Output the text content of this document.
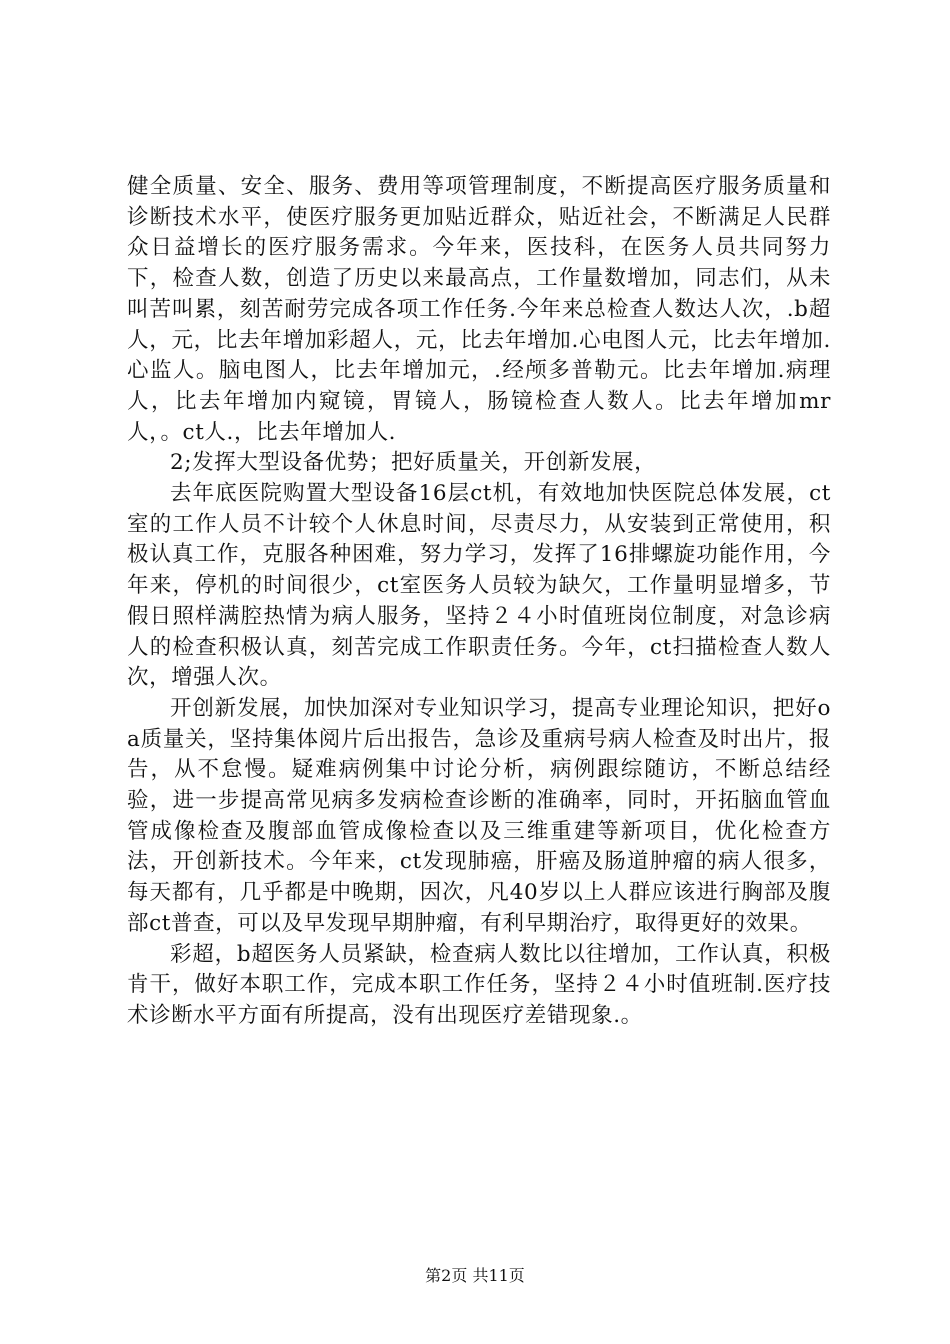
健全质量、安全、服务、费用等项管理制度，不断提高医疗服务质量和诊断技术水平，使医疗服务更加贴近群众，贴近社会，不断满足人民群众日益增长的医疗服务需求。今年来，医技科，在医务人员共同努力下，检查人数，创造了历史以来最高点，工作量数增加，同志们，从未叫苦叫累，刻苦耐劳完成各项工作任务.今年来总检查人数达人次，.b超人，元，比去年增加彩超人，元，比去年增加.心电图人元，比去年增加.心监人。脑电图人，比去年增加元，.经颅多普勒元。比去年增加.病理人，比去年增加内窥镜，胃镜人，肠镜检查人数人。比去年增加mr人，。ct人.，比去年增加人.

2;发挥大型设备优势；把好质量关，开创新发展，

去年底医院购置大型设备16层ct机，有效地加快医院总体发展，ct室的工作人员不计较个人休息时间，尽责尽力，从安装到正常使用，积极认真工作，克服各种困难，努力学习，发挥了16排螺旋功能作用，今年来，停机的时间很少，ct室医务人员较为缺欠，工作量明显增多，节假日照样满腔热情为病人服务，坚持２４小时值班岗位制度，对急诊病人的检查积极认真，刻苦完成工作职责任务。今年，ct扫描检查人数人次，增强人次。

开创新发展，加快加深对专业知识学习，提高专业理论知识，把好oa质量关，坚持集体阅片后出报告，急诊及重病号病人检查及时出片，报告，从不怠慢。疑难病例集中讨论分析，病例跟综随访，不断总结经验，进一步提高常见病多发病检查诊断的准确率，同时，开拓脑血管血管成像检查及腹部血管成像检查以及三维重建等新项目，优化检查方法，开创新技术。今年来，ct发现肺癌，肝癌及肠道肿瘤的病人很多，每天都有，几乎都是中晚期，因次，凡40岁以上人群应该进行胸部及腹部ct普查，可以及早发现早期肿瘤，有利早期治疗，取得更好的效果。

彩超，b超医务人员紧缺，检查病人数比以往增加，工作认真，积极肯干，做好本职工作，完成本职工作任务，坚持２４小时值班制.医疗技术诊断水平方面有所提高，没有出现医疗差错现象.。

第2页 共11页
